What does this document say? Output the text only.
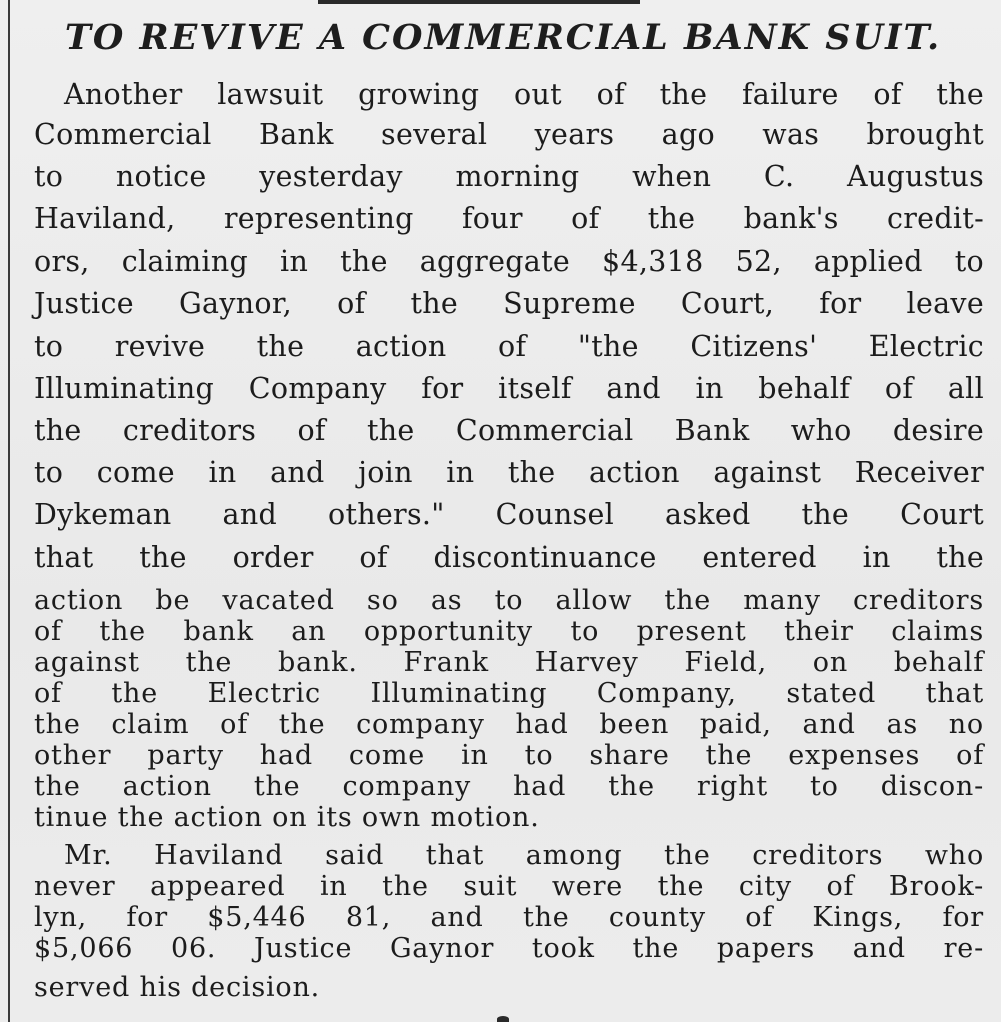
TO REVIVE A COMMERCIAL BANK SUIT.
Another lawsuit growing out of the failure of the
Commercial Bank several years ago was brought
to notice yesterday morning when C. Augustus
Haviland, representing four of the bank's credit-
ors, claiming in the aggregate $4,318 52, applied to
Justice Gaynor, of the Supreme Court, for leave
to revive the action of "the Citizens' Electric
Illuminating Company for itself and in behalf of all
the creditors of the Commercial Bank who desire
to come in and join in the action against Receiver
Dykeman and others." Counsel asked the Court
that the order of discontinuance entered in the
action be vacated so as to allow the many creditors
of the bank an opportunity to present their claims
against the bank. Frank Harvey Field, on behalf
of the Electric Illuminating Company, stated that
the claim of the company had been paid, and as no
other party had come in to share the expenses of
the action the company had the right to discon-
tinue the action on its own motion.
Mr. Haviland said that among the creditors who
never appeared in the suit were the city of Brook-
lyn, for $5,446 81, and the county of Kings, for
$5,066 06. Justice Gaynor took the papers and re-
served his decision.
